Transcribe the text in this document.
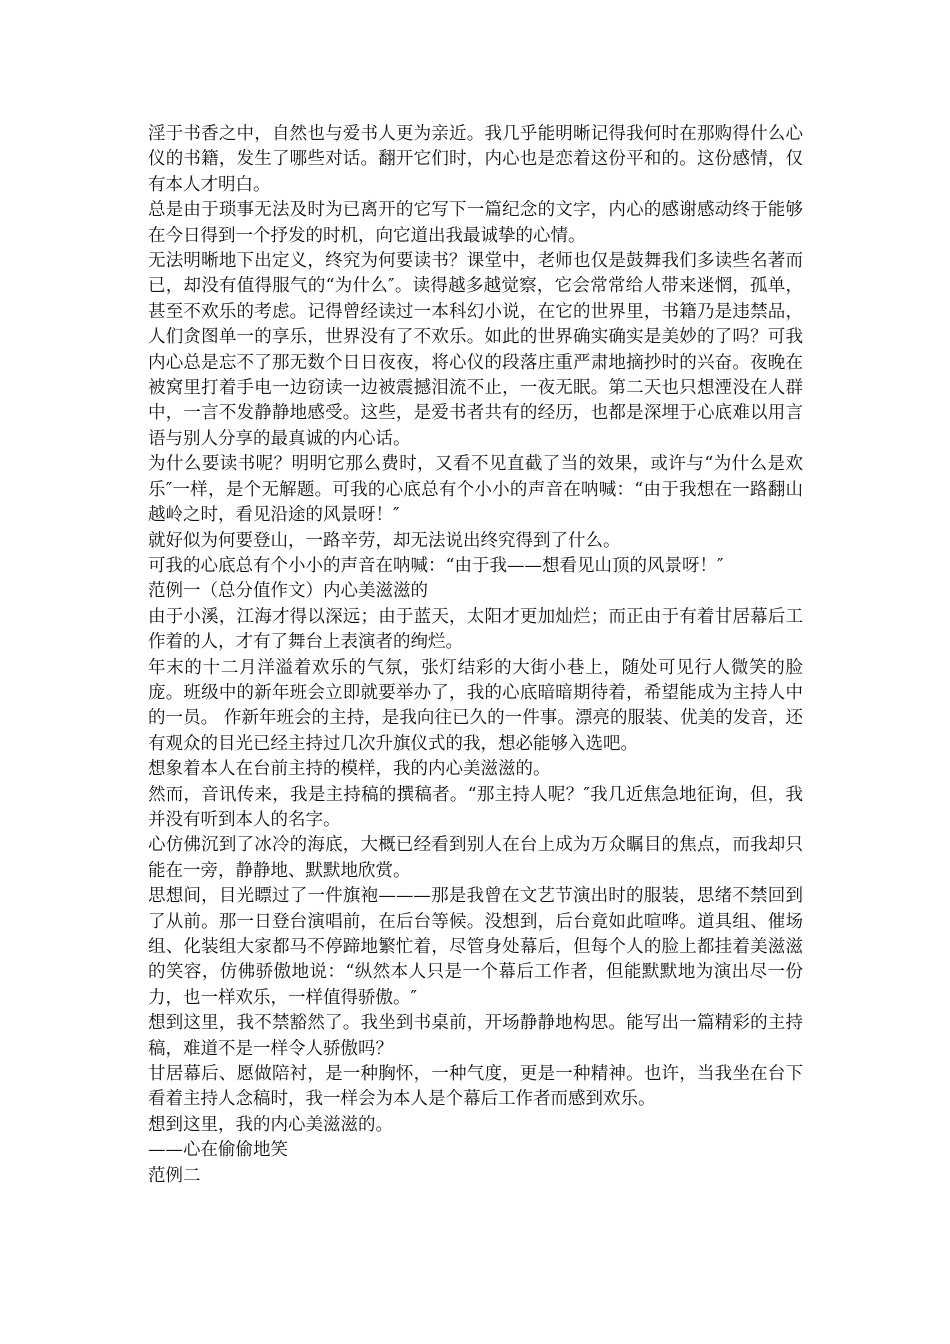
淫于书香之中，自然也与爱书人更为亲近。我几乎能明晰记得我何时在那购得什么心仪的书籍，发生了哪些对话。翻开它们时，内心也是恋着这份平和的。这份感情，仅有本人才明白。

总是由于琐事无法及时为已离开的它写下一篇纪念的文字，内心的感谢感动终于能够在今日得到一个抒发的时机，向它道出我最诚挚的心情。

无法明晰地下出定义，终究为何要读书？课堂中，老师也仅是鼓舞我们多读些名著而已，却没有值得服气的“为什么″。读得越多越觉察，它会常常给人带来迷惘，孤单，甚至不欢乐的考虑。记得曾经读过一本科幻小说，在它的世界里，书籍乃是违禁品，人们贪图单一的享乐，世界没有了不欢乐。如此的世界确实确实是美妙的了吗？可我内心总是忘不了那无数个日日夜夜，将心仪的段落庄重严肃地摘抄时的兴奋。夜晚在被窝里打着手电一边窃读一边被震撼泪流不止，一夜无眠。第二天也只想湮没在人群中，一言不发静静地感受。这些，是爱书者共有的经历，也都是深埋于心底难以用言语与别人分享的最真诚的内心话。

为什么要读书呢？明明它那么费时，又看不见直截了当的效果，或许与“为什么是欢乐″一样，是个无解题。可我的心底总有个小小的声音在呐喊：“由于我想在一路翻山越岭之时，看见沿途的风景呀！″

就好似为何要登山，一路辛劳，却无法说出终究得到了什么。

可我的心底总有个小小的声音在呐喊：“由于我——想看见山顶的风景呀！″

范例一（总分值作文）内心美滋滋的

由于小溪，江海才得以深远；由于蓝天，太阳才更加灿烂；而正由于有着甘居幕后工作着的人，才有了舞台上表演者的绚烂。

年末的十二月洋溢着欢乐的气氛，张灯结彩的大街小巷上，随处可见行人微笑的脸庞。班级中的新年班会立即就要举办了，我的心底暗暗期待着，希望能成为主持人中的一员。 作新年班会的主持，是我向往已久的一件事。漂亮的服装、优美的发音，还有观众的目光已经主持过几次升旗仪式的我，想必能够入选吧。

想象着本人在台前主持的模样，我的内心美滋滋的。

然而，音讯传来，我是主持稿的撰稿者。“那主持人呢？″我几近焦急地征询，但，我并没有听到本人的名字。

心仿佛沉到了冰冷的海底，大概已经看到别人在台上成为万众瞩目的焦点，而我却只能在一旁，静静地、默默地欣赏。

思想间，目光瞟过了一件旗袍———那是我曾在文艺节演出时的服装，思绪不禁回到了从前。那一日登台演唱前，在后台等候。没想到，后台竟如此喧哗。道具组、催场组、化装组大家都马不停蹄地繁忙着，尽管身处幕后，但每个人的脸上都挂着美滋滋的笑容，仿佛骄傲地说：“纵然本人只是一个幕后工作者，但能默默地为演出尽一份力，也一样欢乐，一样值得骄傲。″

想到这里，我不禁豁然了。我坐到书桌前，开场静静地构思。能写出一篇精彩的主持稿，难道不是一样令人骄傲吗？

甘居幕后、愿做陪衬，是一种胸怀，一种气度，更是一种精神。也许，当我坐在台下看着主持人念稿时，我一样会为本人是个幕后工作者而感到欢乐。

想到这里，我的内心美滋滋的。

——心在偷偷地笑

范例二
